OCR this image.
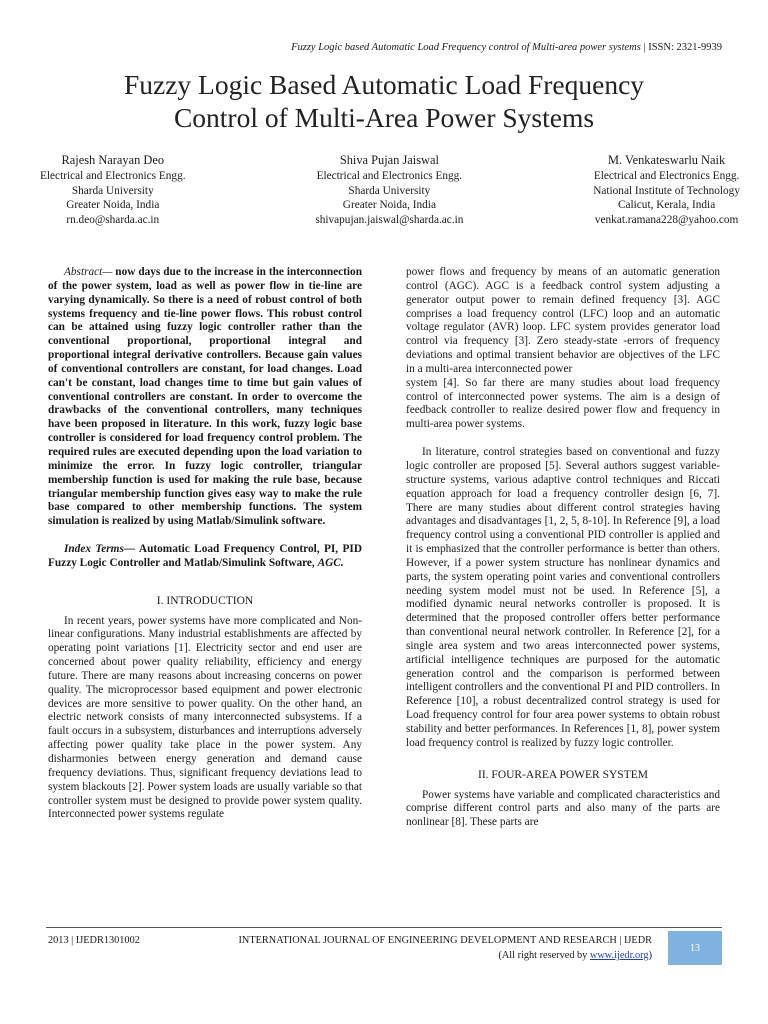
Fuzzy Logic based Automatic Load Frequency control of Multi-area power systems | ISSN: 2321-9939
Fuzzy Logic Based Automatic Load Frequency
Control of Multi-Area Power Systems
Rajesh Narayan Deo
Electrical and Electronics Engg.
Sharda University
Greater Noida, India
rn.deo@sharda.ac.in
Shiva Pujan Jaiswal
Electrical and Electronics Engg.
Sharda University
Greater Noida, India
shivapujan.jaiswal@sharda.ac.in
M. Venkateswarlu Naik
Electrical and Electronics Engg.
National Institute of Technology
Calicut, Kerala, India
venkat.ramana228@yahoo.com

Abstract— now days due to the increase in the interconnection of the power system, load as well as power flow in tie-line are varying dynamically. So there is a need of robust control of both systems frequency and tie-line power flows. This robust control can be attained using fuzzy logic controller rather than the conventional proportional, proportional integral and proportional integral derivative controllers. Because gain values of conventional controllers are constant, for load changes. Load can't be constant, load changes time to time but gain values of conventional controllers are constant. In order to overcome the drawbacks of the conventional controllers, many techniques have been proposed in literature. In this work, fuzzy logic base controller is considered for load frequency control problem. The required rules are executed depending upon the load variation to minimize the error. In fuzzy logic controller, triangular membership function is used for making the rule base, because triangular membership function gives easy way to make the rule base compared to other membership functions. The system simulation is realized by using Matlab/Simulink software.

Index Terms— Automatic Load Frequency Control, PI, PID Fuzzy Logic Controller and Matlab/Simulink Software, AGC.

I. INTRODUCTION

In recent years, power systems have more complicated and Non-linear configurations. Many industrial establishments are affected by operating point variations [1]. Electricity sector and end user are concerned about power quality reliability, efficiency and energy future. There are many reasons about increasing concerns on power quality. The microprocessor based equipment and power electronic devices are more sensitive to power quality. On the other hand, an electric network consists of many interconnected subsystems. If a fault occurs in a subsystem, disturbances and interruptions adversely affecting power quality take place in the power system. Any disharmonies between energy generation and demand cause frequency deviations. Thus, significant frequency deviations lead to system blackouts [2]. Power system loads are usually variable so that controller system must be designed to provide power system quality. Interconnected power systems regulate

power flows and frequency by means of an automatic generation control (AGC). AGC is a feedback control system adjusting a generator output power to remain defined frequency [3]. AGC comprises a load frequency control (LFC) loop and an automatic voltage regulator (AVR) loop. LFC system provides generator load control via frequency [3]. Zero steady-state -errors of frequency deviations and optimal transient behavior are objectives of the LFC in a multi-area interconnected power

system [4]. So far there are many studies about load frequency control of interconnected power systems. The aim is a design of feedback controller to realize desired power flow and frequency in multi-area power systems.

In literature, control strategies based on conventional and fuzzy logic controller are proposed [5]. Several authors suggest variable-structure systems, various adaptive control techniques and Riccati equation approach for load a frequency controller design [6, 7]. There are many studies about different control strategies having advantages and disadvantages [1, 2, 5, 8-10]. In Reference [9], a load frequency control using a conventional PID controller is applied and it is emphasized that the controller performance is better than others. However, if a power system structure has nonlinear dynamics and parts, the system operating point varies and conventional controllers needing system model must not be used. In Reference [5], a modified dynamic neural networks controller is proposed. It is determined that the proposed controller offers better performance than conventional neural network controller. In Reference [2], for a single area system and two areas interconnected power systems, artificial intelligence techniques are purposed for the automatic generation control and the comparison is performed between intelligent controllers and the conventional PI and PID controllers. In Reference [10], a robust decentralized control strategy is used for Load frequency control for four area power systems to obtain robust stability and better performances. In References [1, 8], power system load frequency control is realized by fuzzy logic controller.

II. FOUR-AREA POWER SYSTEM

Power systems have variable and complicated characteristics and comprise different control parts and also many of the parts are nonlinear [8]. These parts are

2013 | IJEDR1301002	INTERNATIONAL JOURNAL OF ENGINEERING DEVELOPMENT AND RESEARCH | IJEDR
(All right reserved by www.ijedr.org)
13
